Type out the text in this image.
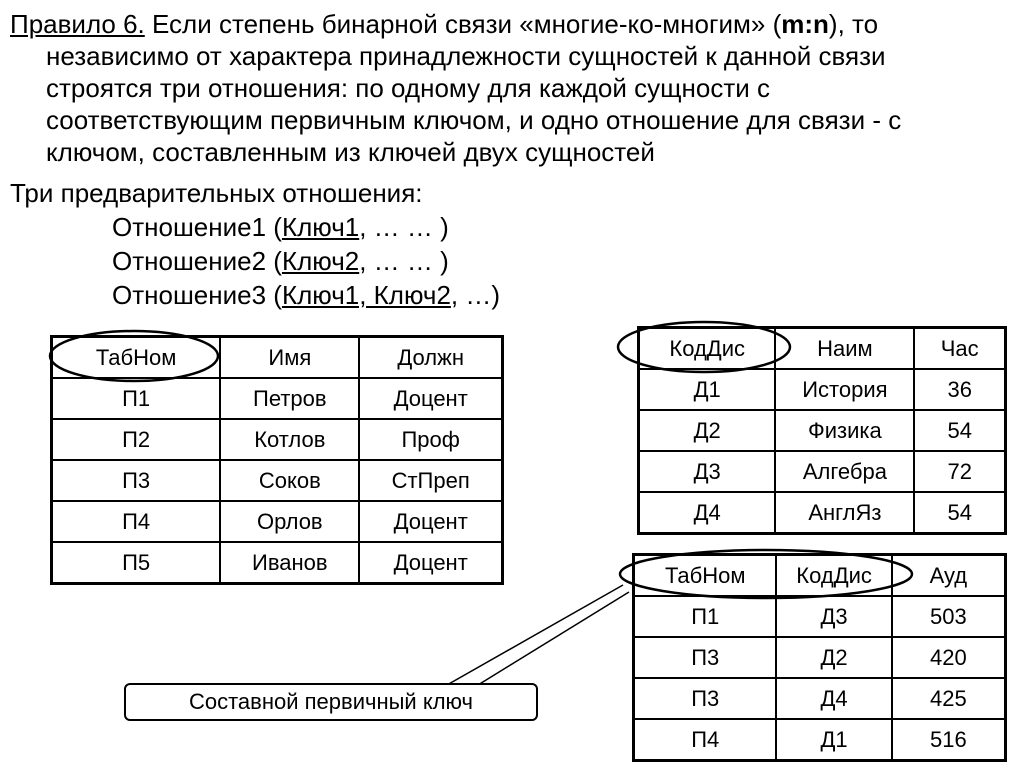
Правило 6. Если степень бинарной связи «многие-ко-многим» (m:n), то
независимо от характера принадлежности сущностей к данной связи
строятся три отношения: по одному для каждой сущности с
соответствующим первичным ключом, и одно отношение для связи - с
ключом, составленным из ключей двух сущностей
Три предварительных отношения:
Отношение1 (Ключ1, … … )
Отношение2 (Ключ2, … … )
Отношение3 (Ключ1, Ключ2, …)
ТабНом	Имя	Должн
П1	Петров	Доцент
П2	Котлов	Проф
П3	Соков	СтПреп
П4	Орлов	Доцент
П5	Иванов	Доцент
КодДис	Наим	Час
Д1	История	36
Д2	Физика	54
Д3	Алгебра	72
Д4	АнглЯз	54
ТабНом	КодДис	Ауд
П1	Д3	503
П3	Д2	420
П3	Д4	425
П4	Д1	516
Составной первичный ключ
